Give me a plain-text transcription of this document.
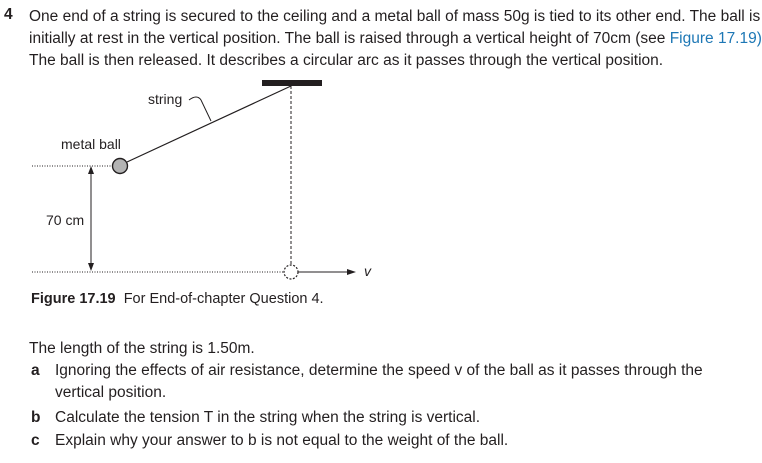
4 One end of a string is secured to the ceiling and a metal ball of mass 50g is tied to its other end. The ball is
initially at rest in the vertical position. The ball is raised through a vertical height of 70cm (see Figure 17.19)
The ball is then released. It describes a circular arc as it passes through the vertical position.
string
metal ball
70 cm
v
Figure 17.19 For End-of-chapter Question 4.
The length of the string is 1.50m.
a Ignoring the effects of air resistance, determine the speed v of the ball as it passes through the
vertical position.
b Calculate the tension T in the string when the string is vertical.
c Explain why your answer to b is not equal to the weight of the ball.
